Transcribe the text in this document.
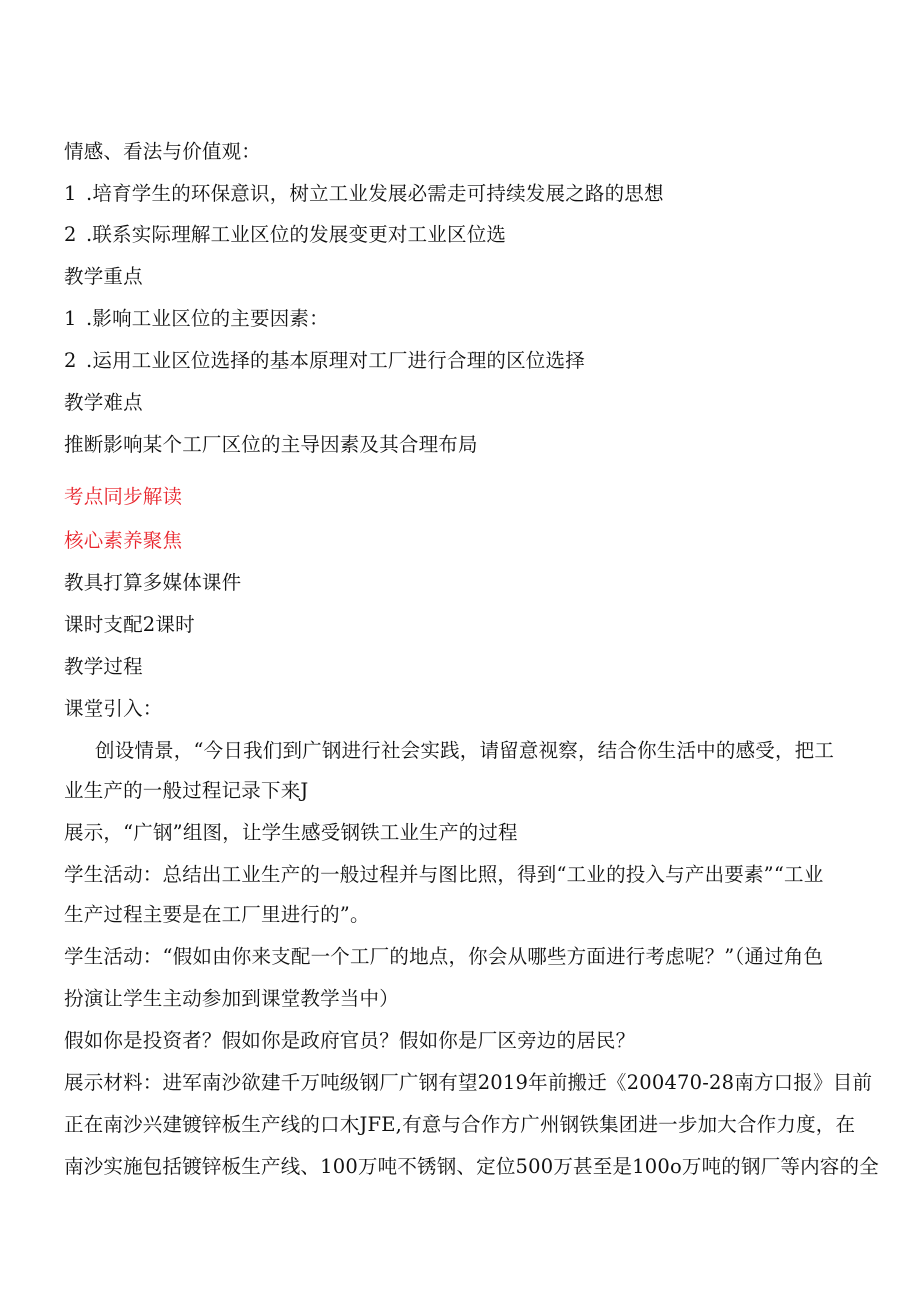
情感、看法与价值观：
1 .培育学生的环保意识，树立工业发展必需走可持续发展之路的思想
2 .联系实际理解工业区位的发展变更对工业区位选
教学重点
1 .影响工业区位的主要因素：
2 .运用工业区位选择的基本原理对工厂进行合理的区位选择
教学难点
推断影响某个工厂区位的主导因素及其合理布局
考点同步解读
核心素养聚焦
教具打算多媒体课件
课时支配2课时
教学过程
课堂引入：
创设情景，“今日我们到广钢进行社会实践，请留意视察，结合你生活中的感受，把工
业生产的一般过程记录下来J
展示，“广钢”组图，让学生感受钢铁工业生产的过程
学生活动：总结出工业生产的一般过程并与图比照，得到“工业的投入与产出要素”“工业
生产过程主要是在工厂里进行的”。
学生活动：“假如由你来支配一个工厂的地点，你会从哪些方面进行考虑呢？”（通过角色
扮演让学生主动参加到课堂教学当中）
假如你是投资者？假如你是政府官员？假如你是厂区旁边的居民？
展示材料：进军南沙欲建千万吨级钢厂广钢有望2019年前搬迁《200470-28南方口报》目前
正在南沙兴建镀锌板生产线的口木JFE,有意与合作方广州钢铁集团进一步加大合作力度，在
南沙实施包括镀锌板生产线、100万吨不锈钢、定位500万甚至是100o万吨的钢厂等内容的全
